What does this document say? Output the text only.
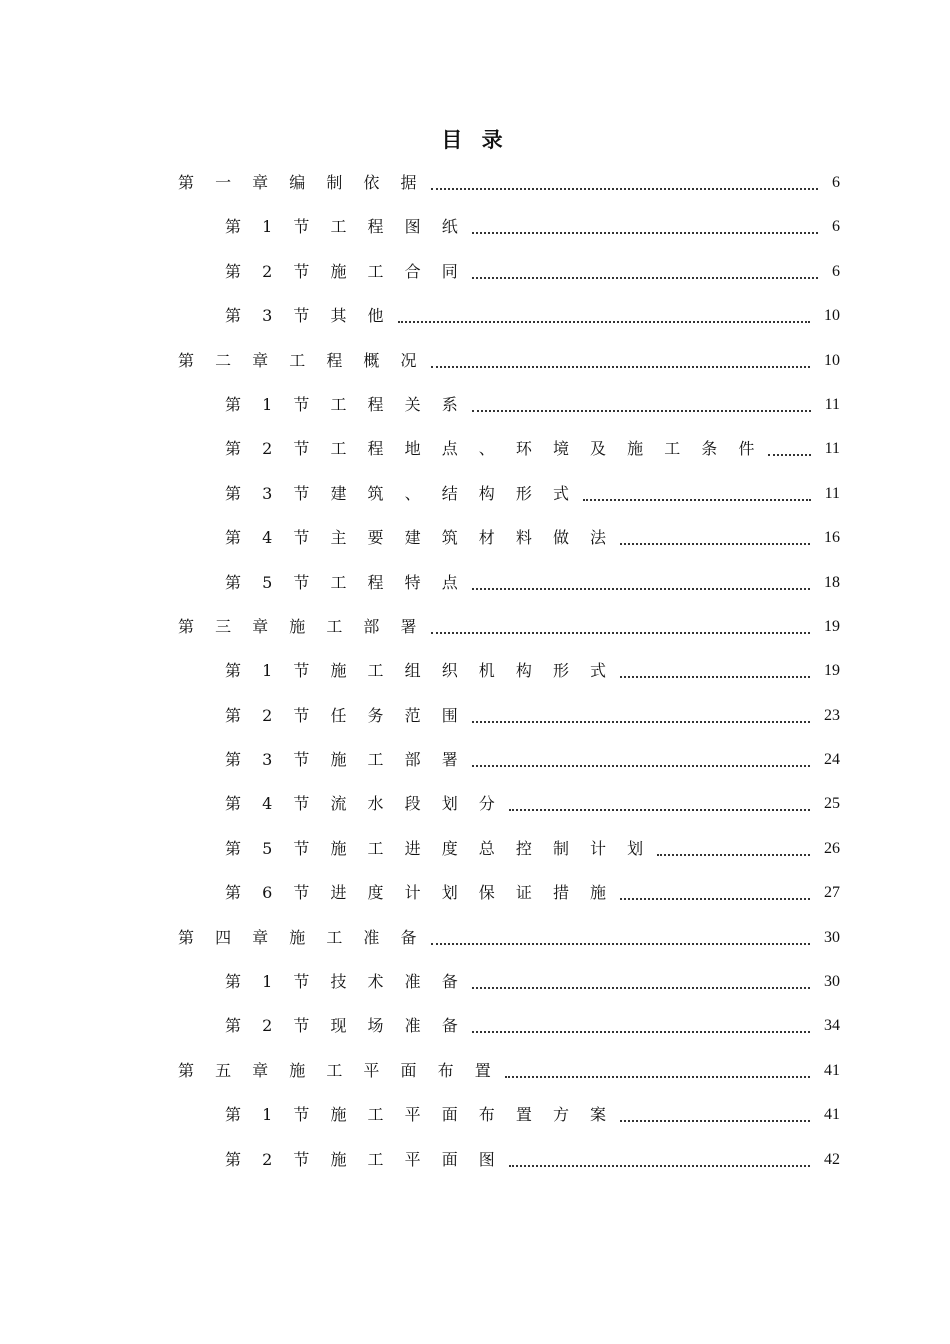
目 录
第 一 章 编 制 依 据	6
第 1 节 工 程 图 纸	6
第 2 节 施 工 合 同	6
第 3 节 其 他	10
第 二 章 工 程 概 况	10
第 1 节 工 程 关 系	11
第 2 节 工 程 地 点 、 环 境 及 施 工 条 件	11
第 3 节 建 筑 、 结 构 形 式	11
第 4 节 主 要 建 筑 材 料 做 法	16
第 5 节 工 程 特 点	18
第 三 章 施 工 部 署	19
第 1 节 施 工 组 织 机 构 形 式	19
第 2 节 任 务 范 围	23
第 3 节 施 工 部 署	24
第 4 节 流 水 段 划 分	25
第 5 节 施 工 进 度 总 控 制 计 划	26
第 6 节 进 度 计 划 保 证 措 施	27
第 四 章 施 工 准 备	30
第 1 节 技 术 准 备	30
第 2 节 现 场 准 备	34
第 五 章 施 工 平 面 布 置	41
第 1 节 施 工 平 面 布 置 方 案	41
第 2 节 施 工 平 面 图	42
